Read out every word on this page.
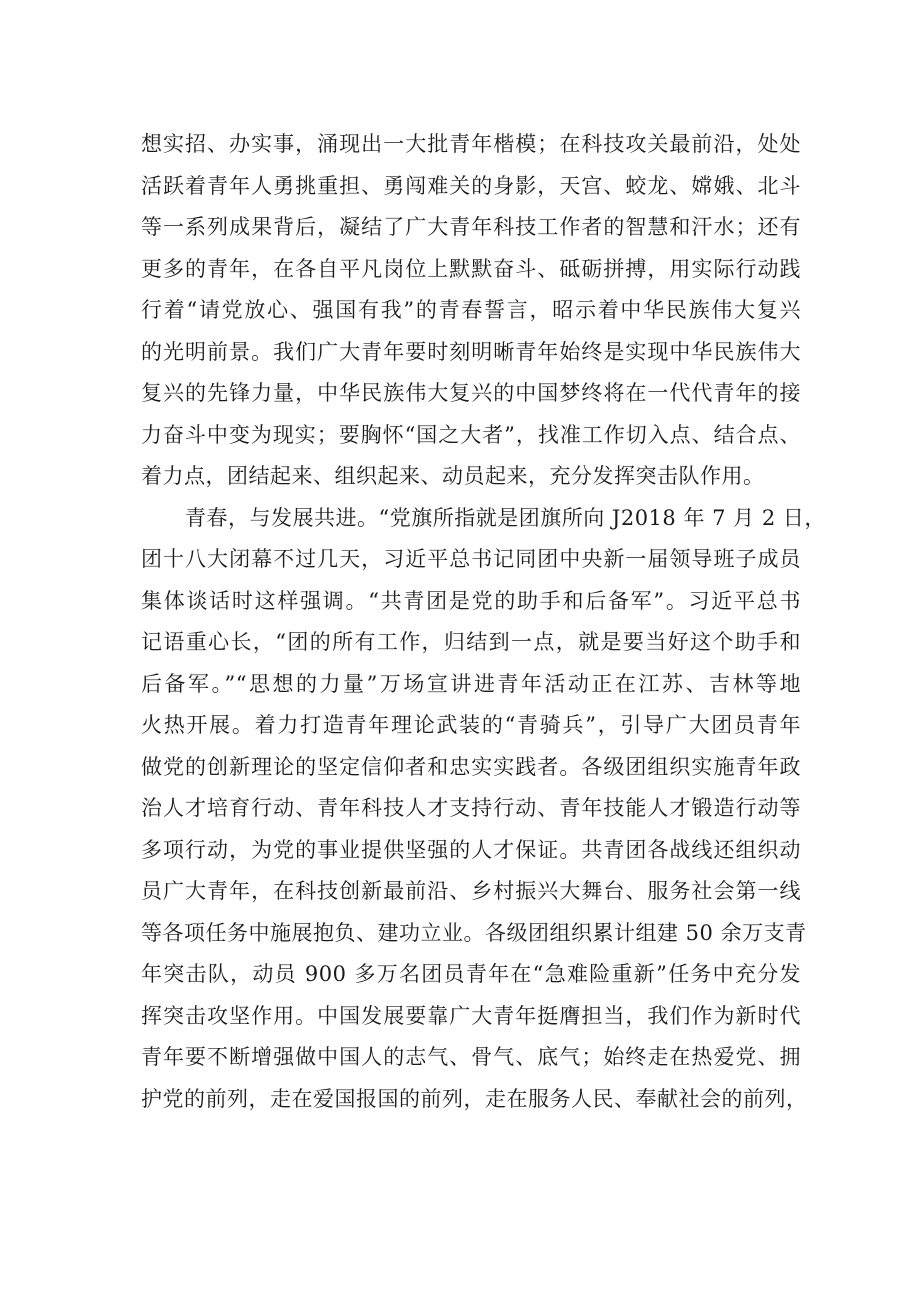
想实招、办实事，涌现出一大批青年楷模；在科技攻关最前沿，处处
活跃着青年人勇挑重担、勇闯难关的身影，天宫、蛟龙、嫦娥、北斗
等一系列成果背后，凝结了广大青年科技工作者的智慧和汗水；还有
更多的青年，在各自平凡岗位上默默奋斗、砥砺拼搏，用实际行动践
行着“请党放心、强国有我”的青春誓言，昭示着中华民族伟大复兴
的光明前景。我们广大青年要时刻明晰青年始终是实现中华民族伟大
复兴的先锋力量，中华民族伟大复兴的中国梦终将在一代代青年的接
力奋斗中变为现实；要胸怀“国之大者”，找准工作切入点、结合点、
着力点，团结起来、组织起来、动员起来，充分发挥突击队作用。
青春，与发展共进。“党旗所指就是团旗所向 J2018 年 7 月 2 日，
团十八大闭幕不过几天，习近平总书记同团中央新一届领导班子成员
集体谈话时这样强调。“共青团是党的助手和后备军”。习近平总书
记语重心长，“团的所有工作，归结到一点，就是要当好这个助手和
后备军。”“思想的力量”万场宣讲进青年活动正在江苏、吉林等地
火热开展。着力打造青年理论武装的“青骑兵”，引导广大团员青年
做党的创新理论的坚定信仰者和忠实实践者。各级团组织实施青年政
治人才培育行动、青年科技人才支持行动、青年技能人才锻造行动等
多项行动，为党的事业提供坚强的人才保证。共青团各战线还组织动
员广大青年，在科技创新最前沿、乡村振兴大舞台、服务社会第一线
等各项任务中施展抱负、建功立业。各级团组织累计组建 50 余万支青
年突击队，动员 900 多万名团员青年在“急难险重新”任务中充分发
挥突击攻坚作用。中国发展要靠广大青年挺膺担当，我们作为新时代
青年要不断增强做中国人的志气、骨气、底气；始终走在热爱党、拥
护党的前列，走在爱国报国的前列，走在服务人民、奉献社会的前列，
